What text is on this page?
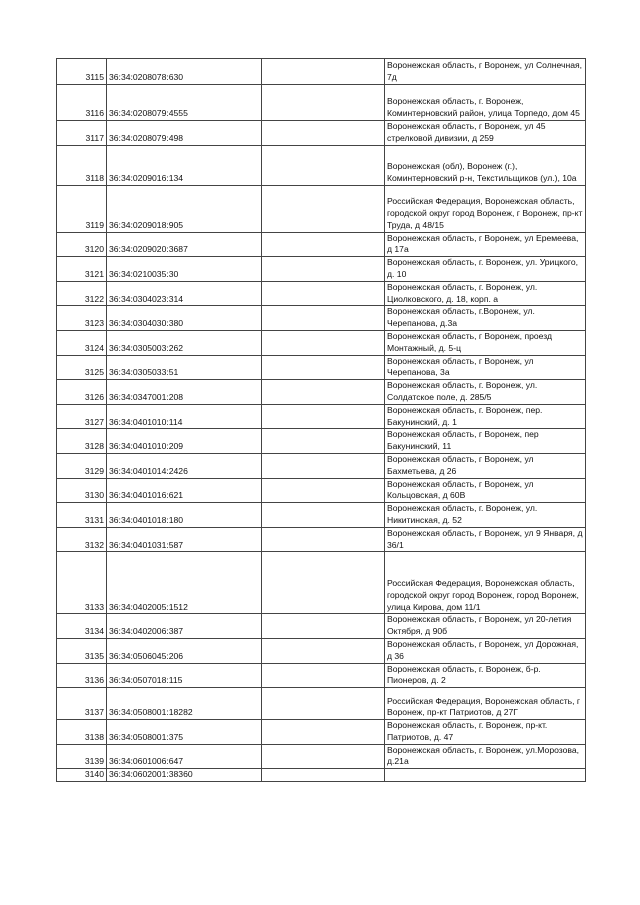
3115	36:34:0208078:630		Воронежская область, г Воронеж, ул Солнечная, 7д
3116	36:34:0208079:4555		Воронежская область, г. Воронеж, Коминтерновский район, улица Торпедо, дом 45
3117	36:34:0208079:498		Воронежская область, г Воронеж, ул 45 стрелковой дивизии, д 259
3118	36:34:0209016:134		Воронежская (обл), Воронеж (г.), Коминтерновский р-н, Текстильщиков (ул.), 10а
3119	36:34:0209018:905		Российская Федерация, Воронежская область, городской округ город Воронеж, г Воронеж, пр-кт Труда, д 48/15
3120	36:34:0209020:3687		Воронежская область, г Воронеж, ул Еремеева, д 17а
3121	36:34:0210035:30		Воронежская область, г. Воронеж, ул. Урицкого, д. 10
3122	36:34:0304023:314		Воронежская область, г. Воронеж, ул. Циолковского, д. 18, корп. а
3123	36:34:0304030:380		Воронежская область, г.Воронеж, ул. Черепанова, д.3а
3124	36:34:0305003:262		Воронежская область, г Воронеж, проезд Монтажный, д. 5-ц
3125	36:34:0305033:51		Воронежская область, г Воронеж, ул Черепанова, 3а
3126	36:34:0347001:208		Воронежская область, г. Воронеж, ул. Солдатское поле, д. 285/5
3127	36:34:0401010:114		Воронежская область, г. Воронеж, пер. Бакунинский, д. 1
3128	36:34:0401010:209		Воронежская область, г Воронеж, пер Бакунинский, 11
3129	36:34:0401014:2426		Воронежская область, г Воронеж, ул Бахметьева, д 26
3130	36:34:0401016:621		Воронежская область, г Воронеж, ул Кольцовская, д 60В
3131	36:34:0401018:180		Воронежская область, г. Воронеж, ул. Никитинская, д. 52
3132	36:34:0401031:587		Воронежская область, г Воронеж, ул 9 Января, д 36/1
3133	36:34:0402005:1512		Российская Федерация, Воронежская область, городской округ город Воронеж, город Воронеж, улица Кирова, дом 11/1
3134	36:34:0402006:387		Воронежская область, г Воронеж, ул 20-летия Октября, д 90б
3135	36:34:0506045:206		Воронежская область, г Воронеж, ул Дорожная, д 36
3136	36:34:0507018:115		Воронежская область, г. Воронеж, б-р. Пионеров, д. 2
3137	36:34:0508001:18282		Российская Федерация, Воронежская область, г Воронеж, пр-кт Патриотов, д 27Г
3138	36:34:0508001:375		Воронежская область, г. Воронеж, пр-кт. Патриотов, д. 47
3139	36:34:0601006:647		Воронежская область, г. Воронеж, ул.Морозова, д.21а
3140	36:34:0602001:38360		
